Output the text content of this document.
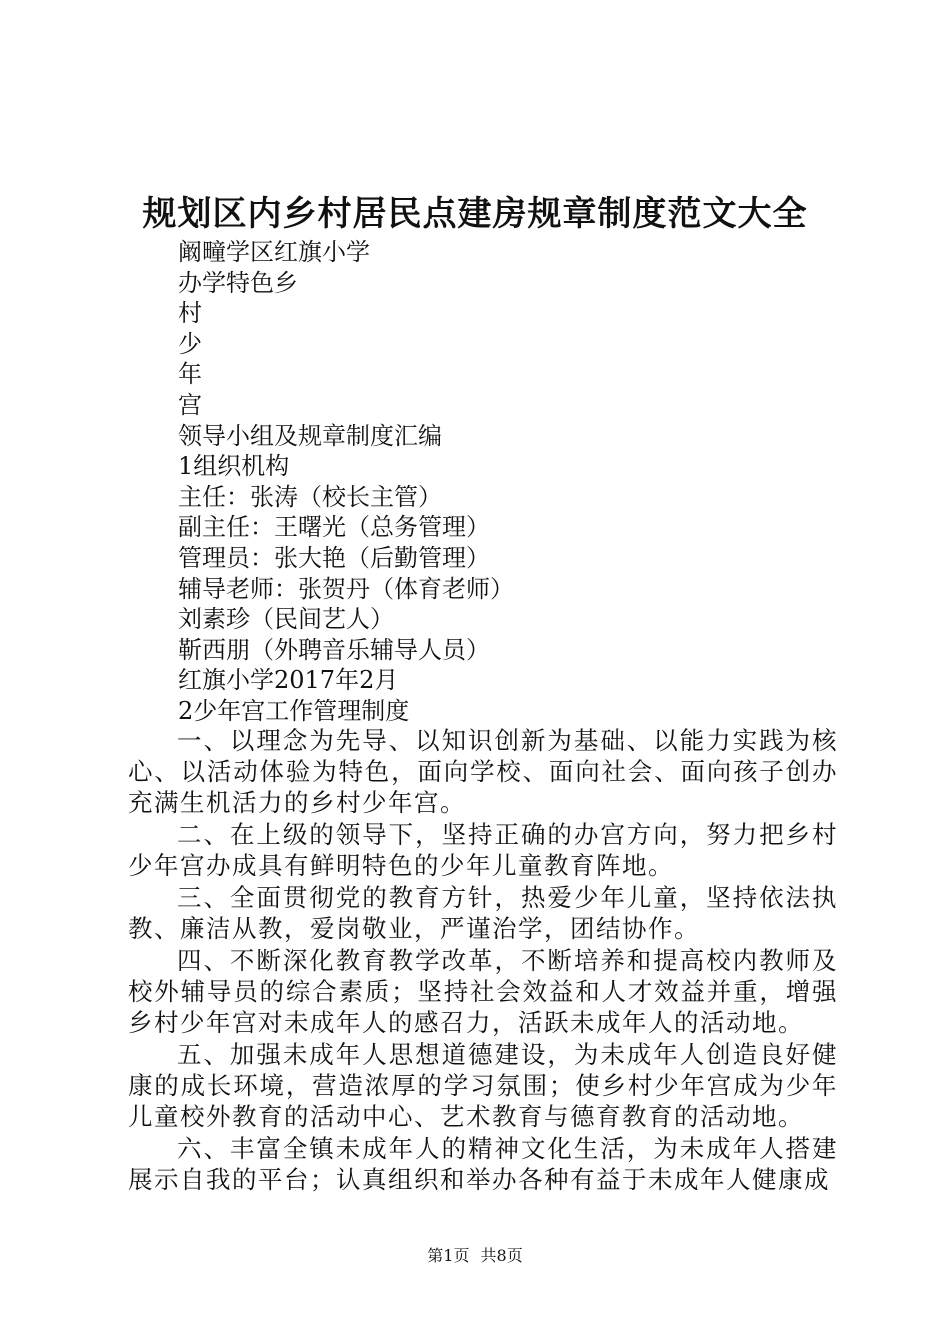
规划区内乡村居民点建房规章制度范文大全
阚疃学区红旗小学
办学特色乡
村
少
年
宫
领导小组及规章制度汇编
1组织机构
主任：张涛（校长主管）
副主任：王曙光（总务管理）
管理员：张大艳（后勤管理）
辅导老师：张贺丹（体育老师）
刘素珍（民间艺人）
靳西朋（外聘音乐辅导人员）
红旗小学2017年2月
2少年宫工作管理制度

一、以理念为先导、以知识创新为基础、以能力实践为核心、以活动体验为特色，面向学校、面向社会、面向孩子创办充满生机活力的乡村少年宫。

二、在上级的领导下，坚持正确的办宫方向，努力把乡村少年宫办成具有鲜明特色的少年儿童教育阵地。

三、全面贯彻党的教育方针，热爱少年儿童，坚持依法执教、廉洁从教，爱岗敬业，严谨治学，团结协作。

四、不断深化教育教学改革，不断培养和提高校内教师及校外辅导员的综合素质；坚持社会效益和人才效益并重，增强乡村少年宫对未成年人的感召力，活跃未成年人的活动地。

五、加强未成年人思想道德建设，为未成年人创造良好健康的成长环境，营造浓厚的学习氛围；使乡村少年宫成为少年儿童校外教育的活动中心、艺术教育与德育教育的活动地。

六、丰富全镇未成年人的精神文化生活，为未成年人搭建展示自我的平台；认真组织和举办各种有益于未成年人健康成

第1页 共8页
